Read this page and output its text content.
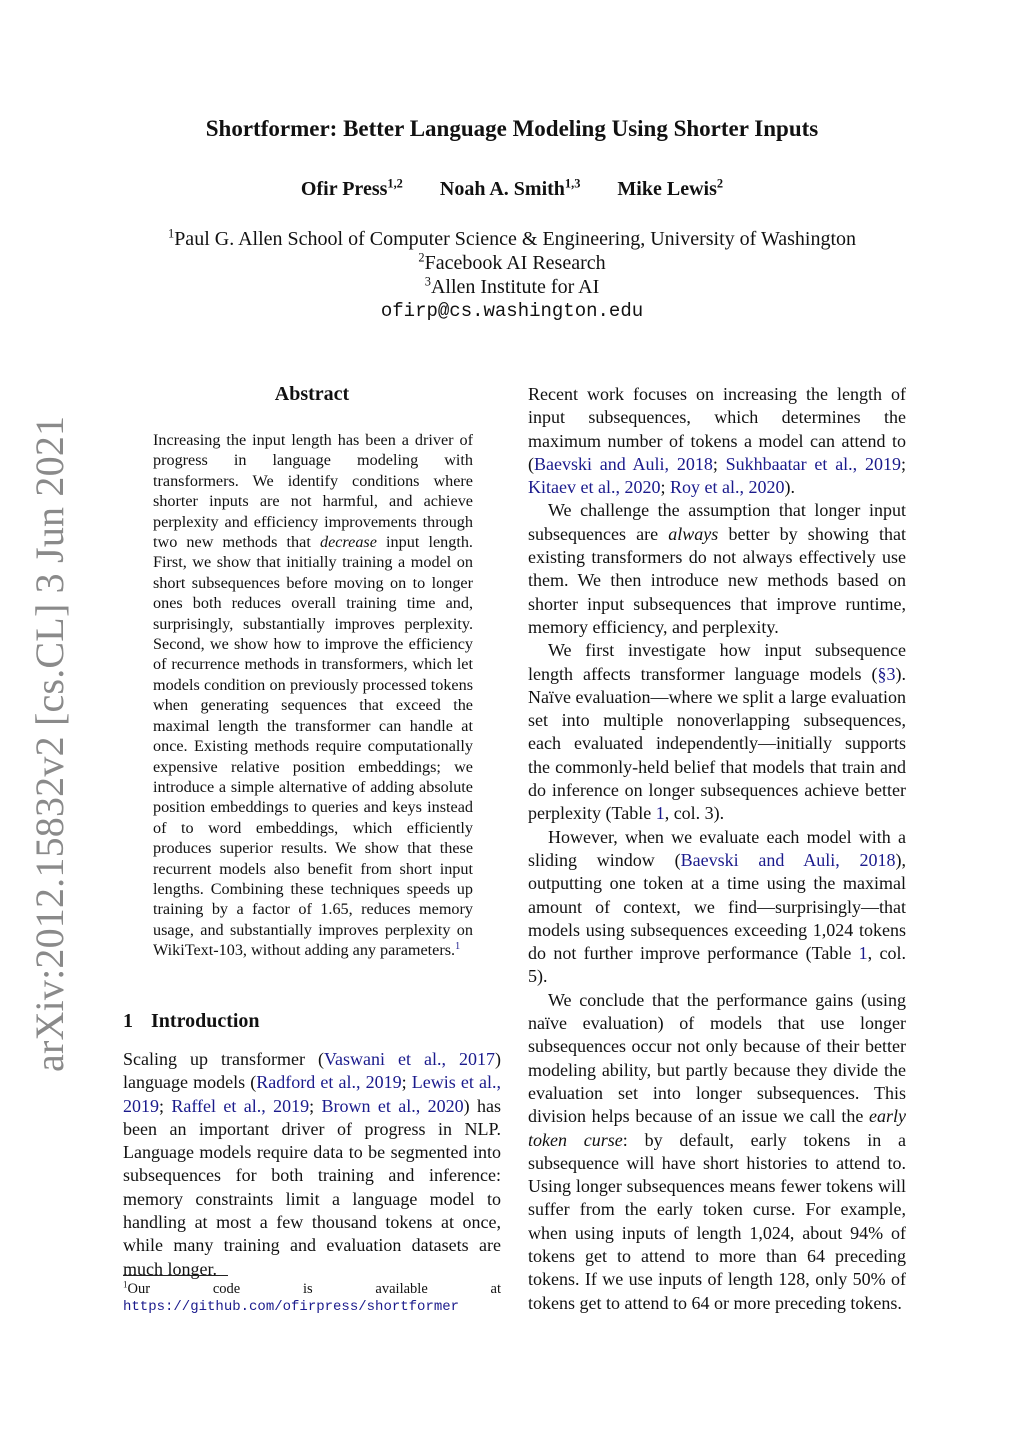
arXiv:2012.15832v2 [cs.CL] 3 Jun 2021
Shortformer: Better Language Modeling Using Shorter Inputs
Ofir Press$^{1,2}$ Noah A. Smith$^{1,3}$ Mike Lewis$^2$
$^1$Paul G. Allen School of Computer Science & Engineering, University of Washington
$^2$Facebook AI Research
$^3$Allen Institute for AI
ofirp@cs.washington.edu
Abstract
Increasing the input length has been a driver of progress in language modeling with transformers. We identify conditions where shorter inputs are not harmful, and achieve perplexity and efficiency improvements through two new methods that decrease input length. First, we show that initially training a model on short subsequences before moving on to longer ones both reduces overall training time and, surprisingly, substantially improves perplexity. Second, we show how to improve the efficiency of recurrence methods in transformers, which let models condition on previously processed tokens when generating sequences that exceed the maximal length the transformer can handle at once. Existing methods require computationally expensive relative position embeddings; we introduce a simple alternative of adding absolute position embeddings to queries and keys instead of to word embeddings, which efficiently produces superior results. We show that these recurrent models also benefit from short input lengths. Combining these techniques speeds up training by a factor of 1.65, reduces memory usage, and substantially improves perplexity on WikiText-103, without adding any parameters.$^1$
1 Introduction

Scaling up transformer (Vaswani et al., 2017) language models (Radford et al., 2019; Lewis et al., 2019; Raffel et al., 2019; Brown et al., 2020) has been an important driver of progress in NLP. Language models require data to be segmented into subsequences for both training and inference: memory constraints limit a language model to handling at most a few thousand tokens at once, while many training and evaluation datasets are much longer.

$^1$Our code is available at https://github.com/ofirpress/shortformer

Recent work focuses on increasing the length of input subsequences, which determines the maximum number of tokens a model can attend to (Baevski and Auli, 2018; Sukhbaatar et al., 2019; Kitaev et al., 2020; Roy et al., 2020).

We challenge the assumption that longer input subsequences are always better by showing that existing transformers do not always effectively use them. We then introduce new methods based on shorter input subsequences that improve runtime, memory efficiency, and perplexity.

We first investigate how input subsequence length affects transformer language models (§3). Naïve evaluation—where we split a large evaluation set into multiple nonoverlapping subsequences, each evaluated independently—initially supports the commonly-held belief that models that train and do inference on longer subsequences achieve better perplexity (Table 1, col. 3).

However, when we evaluate each model with a sliding window (Baevski and Auli, 2018), outputting one token at a time using the maximal amount of context, we find—surprisingly—that models using subsequences exceeding 1,024 tokens do not further improve performance (Table 1, col. 5).

We conclude that the performance gains (using naïve evaluation) of models that use longer subsequences occur not only because of their better modeling ability, but partly because they divide the evaluation set into longer subsequences. This division helps because of an issue we call the early token curse: by default, early tokens in a subsequence will have short histories to attend to. Using longer subsequences means fewer tokens will suffer from the early token curse. For example, when using inputs of length 1,024, about 94% of tokens get to attend to more than 64 preceding tokens. If we use inputs of length 128, only 50% of tokens get to attend to 64 or more preceding tokens.
